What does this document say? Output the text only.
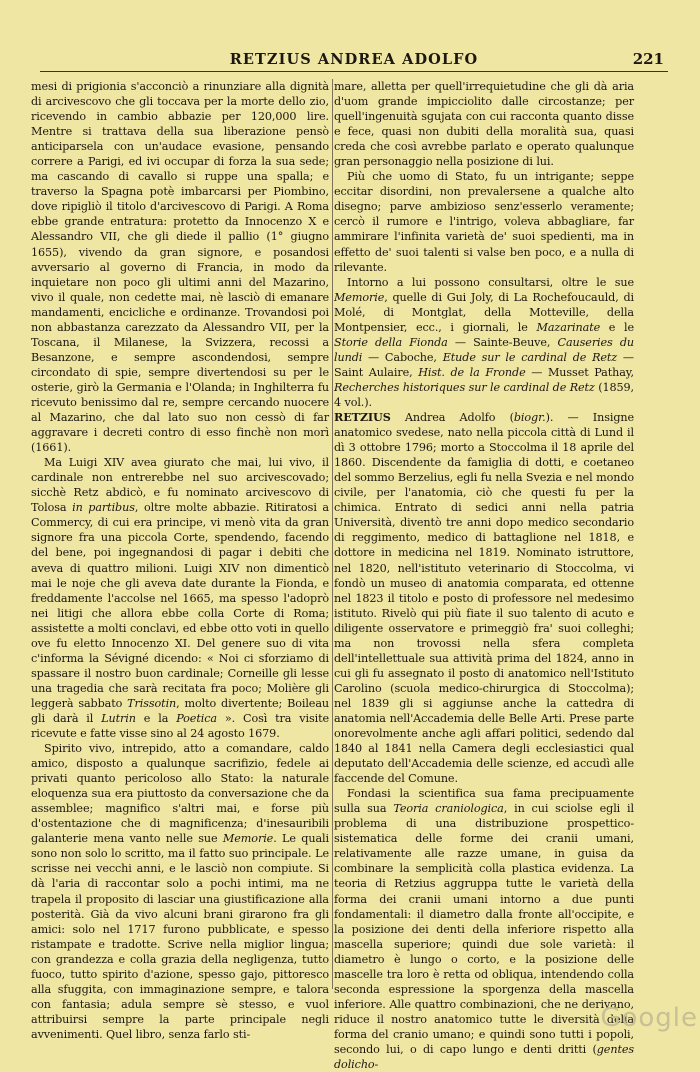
RETZIUS ANDREA ADOLFO	221

mesi di prigionia s'acconciò a rinunziare alla dignità di arcivescovo che gli toccava per la morte dello zio, ricevendo in cambio abbazie per 120,000 lire. Mentre si trattava della sua liberazione pensò anticiparsela con un'audace evasione, pensando correre a Parigi, ed ivi occupar di forza la sua sede; ma cascando di cavallo si ruppe una spalla; e traverso la Spagna potè imbarcarsi per Piombino, dove ripigliò il titolo d'arcivescovo di Parigi. A Roma ebbe grande entratura: protetto da Innocenzo X e Alessandro VII, che gli diede il pallio (1° giugno 1655), vivendo da gran signore, e posandosi avversario al governo di Francia, in modo da inquietare non poco gli ultimi anni del Mazarino, vivo il quale, non cedette mai, nè lasciò di emanare mandamenti, encicliche e ordinanze. Trovandosi poi non abbastanza carezzato da Alessandro VII, per la Toscana, il Milanese, la Svizzera, recossi a Besanzone, e sempre ascondendosi, sempre circondato di spie, sempre divertendosi su per le osterie, girò la Germania e l'Olanda; in Inghilterra fu ricevuto benissimo dal re, sempre cercando nuocere al Mazarino, che dal lato suo non cessò di far aggravare i decreti contro di esso finchè non morì (1661).

Ma Luigi XIV avea giurato che mai, lui vivo, il cardinale non entrerebbe nel suo arcivescovado; sicchè Retz abdicò, e fu nominato arcivescovo di Tolosa in partibus, oltre molte abbazie. Ritiratosi a Commercy, di cui era principe, vi menò vita da gran signore fra una piccola Corte, spendendo, facendo del bene, poi ingegnandosi di pagar i debiti che aveva di quattro milioni. Luigi XIV non dimenticò mai le noje che gli aveva date durante la Fionda, e freddamente l'accolse nel 1665, ma spesso l'adoprò nei litigi che allora ebbe colla Corte di Roma; assistette a molti conclavi, ed ebbe otto voti in quello ove fu eletto Innocenzo XI. Del genere suo di vita c'informa la Sévigné dicendo: « Noi ci sforziamo di spassare il nostro buon cardinale; Corneille gli lesse una tragedia che sarà recitata fra poco; Molière gli leggerà sabbato Trissotin, molto divertente; Boileau gli darà il Lutrin e la Poetica ». Così tra visite ricevute e fatte visse sino al 24 agosto 1679.

Spirito vivo, intrepido, atto a comandare, caldo amico, disposto a qualunque sacrifizio, fedele ai privati quanto pericoloso allo Stato: la naturale eloquenza sua era piuttosto da conversazione che da assemblee; magnifico s'altri mai, e forse più d'ostentazione che di magnificenza; d'inesauribili galanterie mena vanto nelle sue Memorie. Le quali sono non solo lo scritto, ma il fatto suo principale. Le scrisse nei vecchi anni, e le lasciò non compiute. Si dà l'aria di raccontar solo a pochi intimi, ma ne trapela il proposito di lasciar una giustificazione alla posterità. Già da vivo alcuni brani girarono fra gli amici: solo nel 1717 furono pubblicate, e spesso ristampate e tradotte. Scrive nella miglior lingua; con grandezza e colla grazia della negligenza, tutto fuoco, tutto spirito d'azione, spesso gajo, pittoresco alla sfuggita, con immaginazione sempre, e talora con fantasia; adula sempre sè stesso, e vuol attribuirsi sempre la parte principale negli avvenimenti. Quel libro, senza farlo sti-

mare, alletta per quell'irrequietudine che gli dà aria d'uom grande impicciolito dalle circostanze; per quell'ingenuità sgujata con cui racconta quanto disse e fece, quasi non dubiti della moralità sua, quasi creda che così avrebbe parlato e operato qualunque gran personaggio nella posizione di lui.

Più che uomo di Stato, fu un intrigante; seppe eccitar disordini, non prevalersene a qualche alto disegno; parve ambizioso senz'esserlo veramente; cercò il rumore e l'intrigo, voleva abbagliare, far ammirare l'infinita varietà de' suoi spedienti, ma in effetto de' suoi talenti si valse ben poco, e a nulla di rilevante.

Intorno a lui possono consultarsi, oltre le sue Memorie, quelle di Gui Joly, di La Rochefoucauld, di Molé, di Montglat, della Motteville, della Montpensier, ecc., i giornali, le Mazarinate e le Storie della Fionda — Sainte-Beuve, Causeries du lundi — Caboche, Etude sur le cardinal de Retz — Saint Aulaire, Hist. de la Fronde — Musset Pathay, Recherches historiques sur le cardinal de Retz (1859, 4 vol.).

RETZIUS Andrea Adolfo (biogr.). — Insigne anatomico svedese, nato nella piccola città di Lund il dì 3 ottobre 1796; morto a Stoccolma il 18 aprile del 1860. Discendente da famiglia di dotti, e coetaneo del sommo Berzelius, egli fu nella Svezia e nel mondo civile, per l'anatomia, ciò che questi fu per la chimica. Entrato di sedici anni nella patria Università, diventò tre anni dopo medico secondario di reggimento, medico di battaglione nel 1818, e dottore in medicina nel 1819. Nominato istruttore, nel 1820, nell'istituto veterinario di Stoccolma, vi fondò un museo di anatomia comparata, ed ottenne nel 1823 il titolo e posto di professore nel medesimo istituto. Rivelò qui più fiate il suo talento di acuto e diligente osservatore e primeggiò fra' suoi colleghi; ma non trovossi nella sfera completa dell'intellettuale sua attività prima del 1824, anno in cui gli fu assegnato il posto di anatomico nell'Istituto Carolino (scuola medico-chirurgica di Stoccolma); nel 1839 gli si aggiunse anche la cattedra di anatomia nell'Accademia delle Belle Arti. Prese parte onorevolmente anche agli affari politici, sedendo dal 1840 al 1841 nella Camera degli ecclesiastici qual deputato dell'Accademia delle scienze, ed accudì alle faccende del Comune.

Fondasi la scientifica sua fama precipuamente sulla sua Teoria craniologica, in cui sciolse egli il problema di una distribuzione prospettico-sistematica delle forme dei cranii umani, relativamente alle razze umane, in guisa da combinare la semplicità colla plastica evidenza. La teoria di Retzius aggruppa tutte le varietà della forma dei cranii umani intorno a due punti fondamentali: il diametro dalla fronte all'occipite, e la posizione dei denti della inferiore rispetto alla mascella superiore; quindi due sole varietà: il diametro è lungo o corto, e la posizione delle mascelle tra loro è retta od obliqua, intendendo colla seconda espressione la sporgenza della mascella inferiore. Alle quattro combinazioni, che ne derivano, riduce il nostro anatomico tutte le diversità della forma del cranio umano; e quindi sono tutti i popoli, secondo lui, o di capo lungo e denti dritti (gentes dolicho-

Google
